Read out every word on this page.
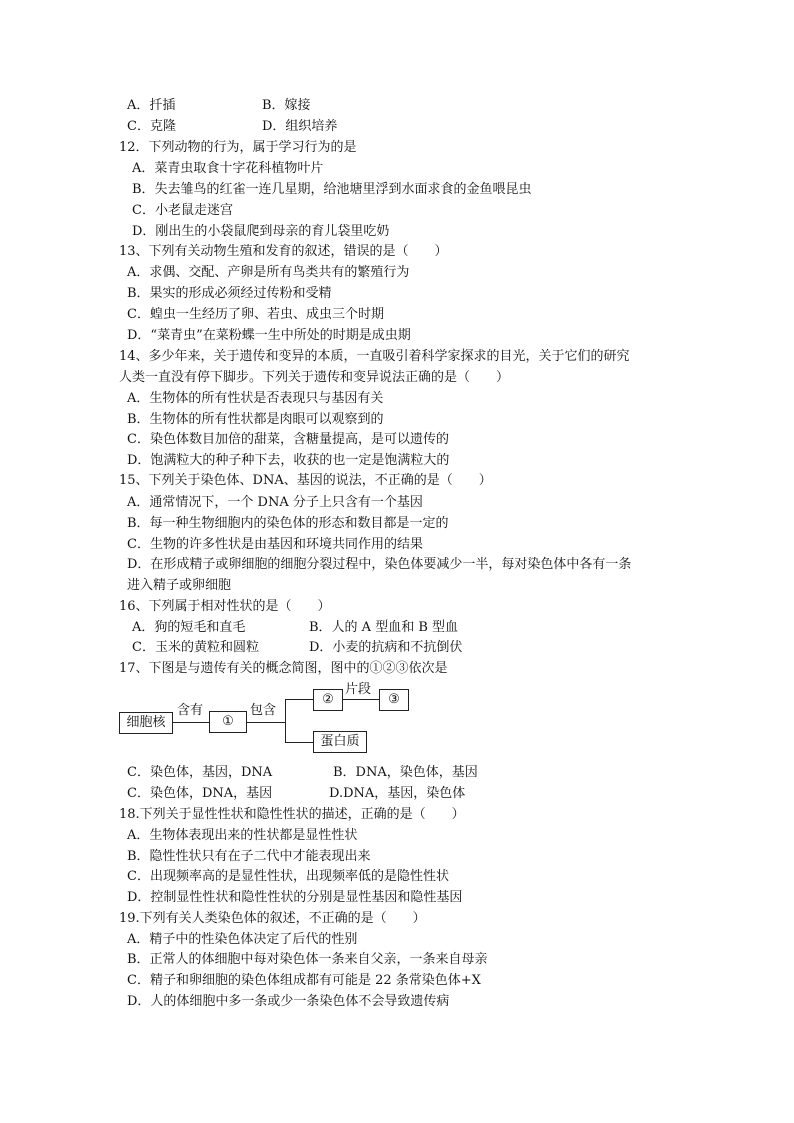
A．扦插	B．嫁接
C．克隆	D．组织培养
12．下列动物的行为，属于学习行为的是
A．菜青虫取食十字花科植物叶片
B．失去雏鸟的红雀一连几星期，给池塘里浮到水面求食的金鱼喂昆虫
C．小老鼠走迷宫
D．刚出生的小袋鼠爬到母亲的育儿袋里吃奶
13、下列有关动物生殖和发育的叙述，错误的是（　　）
A．求偶、交配、产卵是所有鸟类共有的繁殖行为
B．果实的形成必须经过传粉和受精
C．蝗虫一生经历了卵、若虫、成虫三个时期
D．“菜青虫”在菜粉蝶一生中所处的时期是成虫期
14、多少年来，关于遗传和变异的本质，一直吸引着科学家探求的目光，关于它们的研究
人类一直没有停下脚步。下列关于遗传和变异说法正确的是（　　）
A．生物体的所有性状是否表现只与基因有关
B．生物体的所有性状都是肉眼可以观察到的
C．染色体数目加倍的甜菜，含糖量提高，是可以遗传的
D．饱满粒大的种子种下去，收获的也一定是饱满粒大的
15、下列关于染色体、DNA、基因的说法，不正确的是（　　）
A．通常情况下，一个 DNA 分子上只含有一个基因
B．每一种生物细胞内的染色体的形态和数目都是一定的
C．生物的许多性状是由基因和环境共同作用的结果
D．在形成精子或卵细胞的细胞分裂过程中，染色体要减少一半，每对染色体中各有一条
进入精子或卵细胞
16、下列属于相对性状的是（　　）
A．狗的短毛和直毛	B．人的 A 型血和 B 型血
C．玉米的黄粒和圆粒	D．小麦的抗病和不抗倒伏
17、下图是与遗传有关的概念简图，图中的①②③依次是
细胞核
含有
①
包含
②
片段
③
蛋白质
C．染色体，基因，DNA	B．DNA，染色体，基因
C．染色体，DNA，基因	D.DNA，基因，染色体
18.下列关于显性性状和隐性性状的描述，正确的是（　　）
A．生物体表现出来的性状都是显性性状
B．隐性性状只有在子二代中才能表现出来
C．出现频率高的是显性性状，出现频率低的是隐性性状
D．控制显性性状和隐性性状的分别是显性基因和隐性基因
19.下列有关人类染色体的叙述，不正确的是（　　）
A．精子中的性染色体决定了后代的性别
B．正常人的体细胞中每对染色体一条来自父亲，一条来自母亲
C．精子和卵细胞的染色体组成都有可能是 22 条常染色体+X
D．人的体细胞中多一条或少一条染色体不会导致遗传病
